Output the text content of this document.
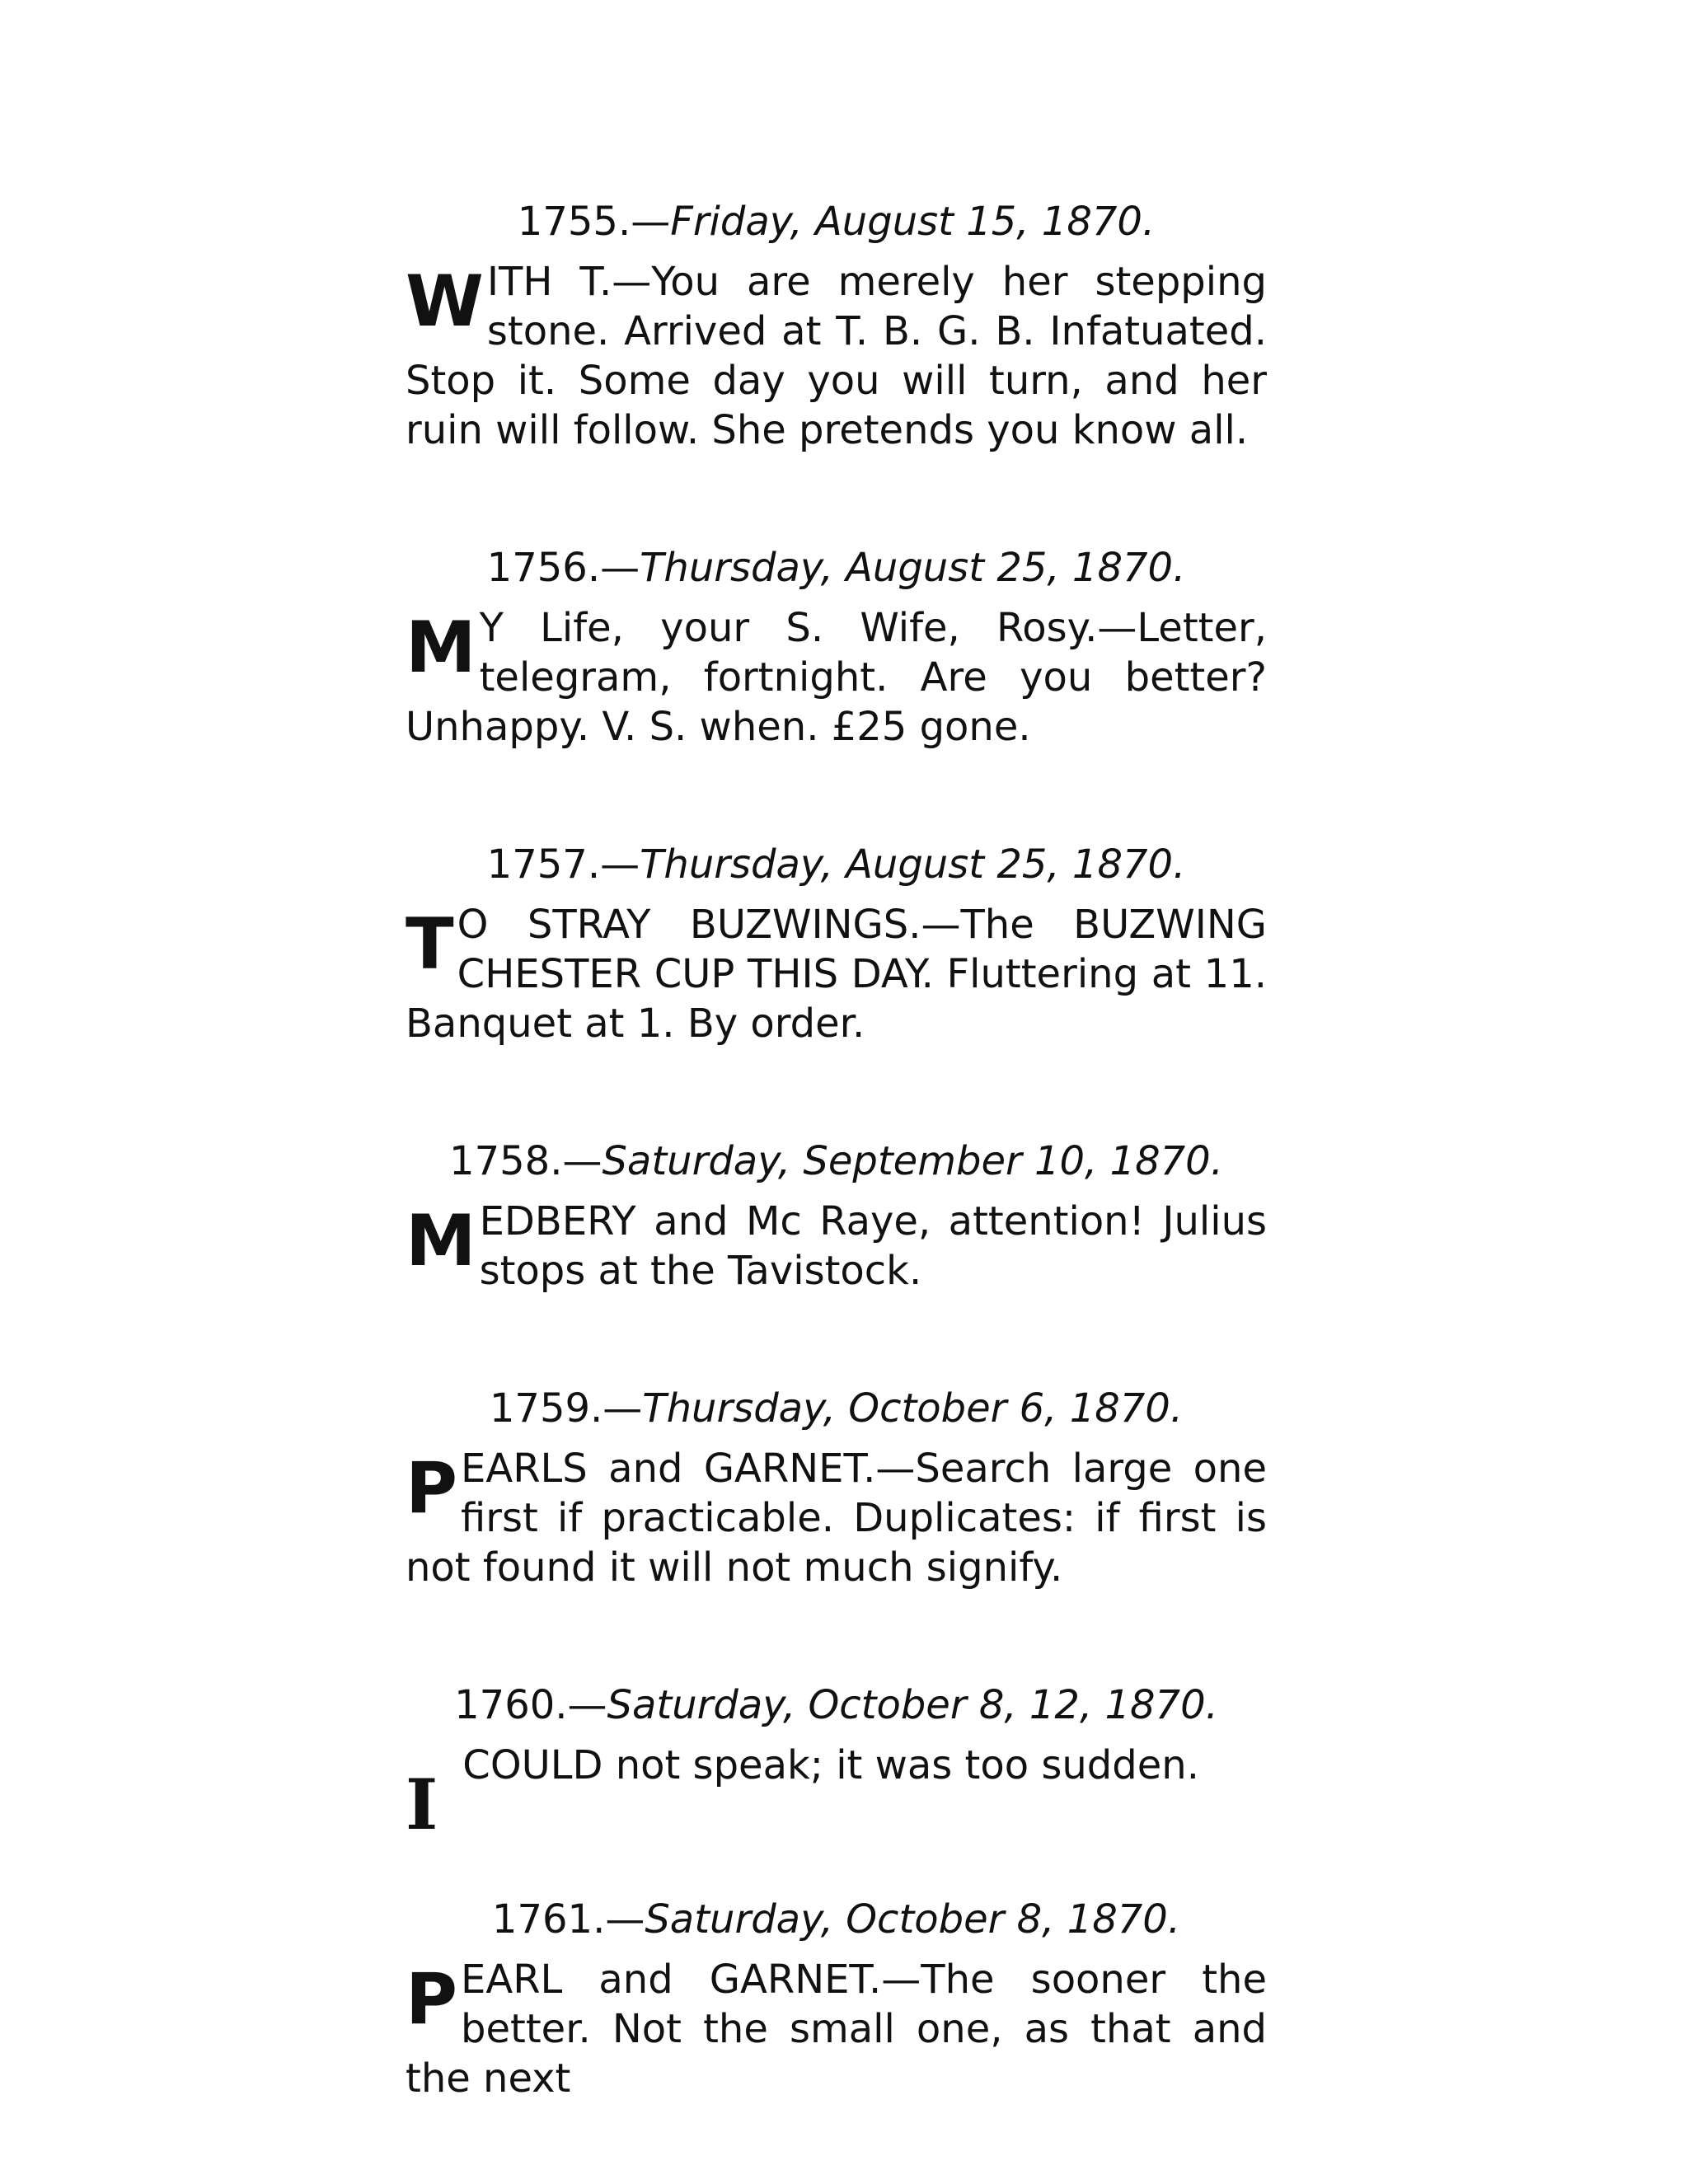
1755.—Friday, August 15, 1870.
WITH T.—You are merely her stepping stone. Arrived at T. B. G. B. Infatuated. Stop it. Some day you will turn, and her ruin will follow. She pretends you know all.
1756.—Thursday, August 25, 1870.
M Y Life, your S. Wife, Rosy.—Letter, telegram, fortnight. Are you better? Unhappy. V. S. when. £25 gone.
1757.—Thursday, August 25, 1870.
T O STRAY BUZWINGS.—The BUZWING CHESTER CUP THIS DAY. Fluttering at 11. Banquet at 1. By order.
1758.—Saturday, September 10, 1870.
MEDBERY and Mc Raye, attention! Julius stops at the Tavistock.
1759.—Thursday, October 6, 1870.
PEARLS and GARNET.—Search large one first if practicable. Duplicates: if first is not found it will not much signify.
1760.—Saturday, October 8, 12, 1870.
ICOULD not speak; it was too sudden.
1761.—Saturday, October 8, 1870.
PEARL and GARNET.—The sooner the better. Not the small one, as that and the next
